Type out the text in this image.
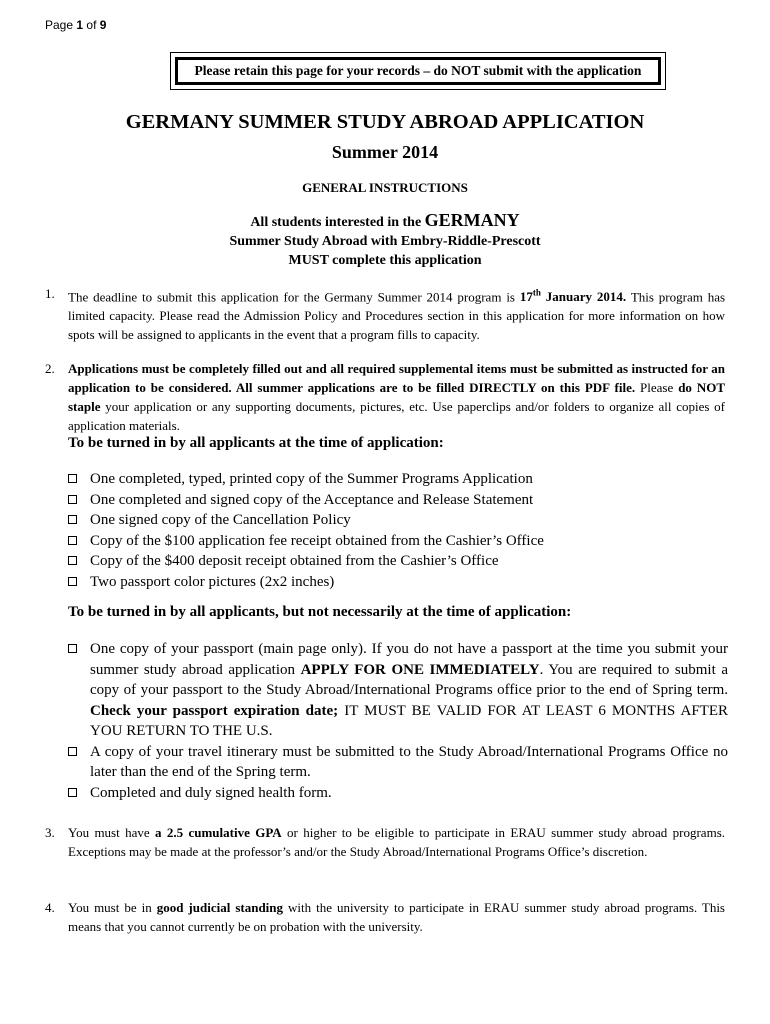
Page 1 of 9
Please retain this page for your records – do NOT submit with the application
GERMANY SUMMER STUDY ABROAD APPLICATION
Summer 2014
GENERAL INSTRUCTIONS
All students interested in the GERMANY
Summer Study Abroad with Embry-Riddle-Prescott
MUST complete this application
1. The deadline to submit this application for the Germany Summer 2014 program is 17th January 2014. This program has limited capacity. Please read the Admission Policy and Procedures section in this application for more information on how spots will be assigned to applicants in the event that a program fills to capacity.
2. Applications must be completely filled out and all required supplemental items must be submitted as instructed for an application to be considered. All summer applications are to be filled DIRECTLY on this PDF file. Please do NOT staple your application or any supporting documents, pictures, etc. Use paperclips and/or folders to organize all copies of application materials.
To be turned in by all applicants at the time of application:
One completed, typed, printed copy of the Summer Programs Application
One completed and signed copy of the Acceptance and Release Statement
One signed copy of the Cancellation Policy
Copy of the $100 application fee receipt obtained from the Cashier’s Office
Copy of the $400 deposit receipt obtained from the Cashier’s Office
Two passport color pictures (2x2 inches)
To be turned in by all applicants, but not necessarily at the time of application:
One copy of your passport (main page only). If you do not have a passport at the time you submit your summer study abroad application APPLY FOR ONE IMMEDIATELY. You are required to submit a copy of your passport to the Study Abroad/International Programs office prior to the end of Spring term. Check your passport expiration date; IT MUST BE VALID FOR AT LEAST 6 MONTHS AFTER YOU RETURN TO THE U.S.
A copy of your travel itinerary must be submitted to the Study Abroad/International Programs Office no later than the end of the Spring term.
Completed and duly signed health form.
3. You must have a 2.5 cumulative GPA or higher to be eligible to participate in ERAU summer study abroad programs. Exceptions may be made at the professor’s and/or the Study Abroad/International Programs Office’s discretion.
4. You must be in good judicial standing with the university to participate in ERAU summer study abroad programs. This means that you cannot currently be on probation with the university.
